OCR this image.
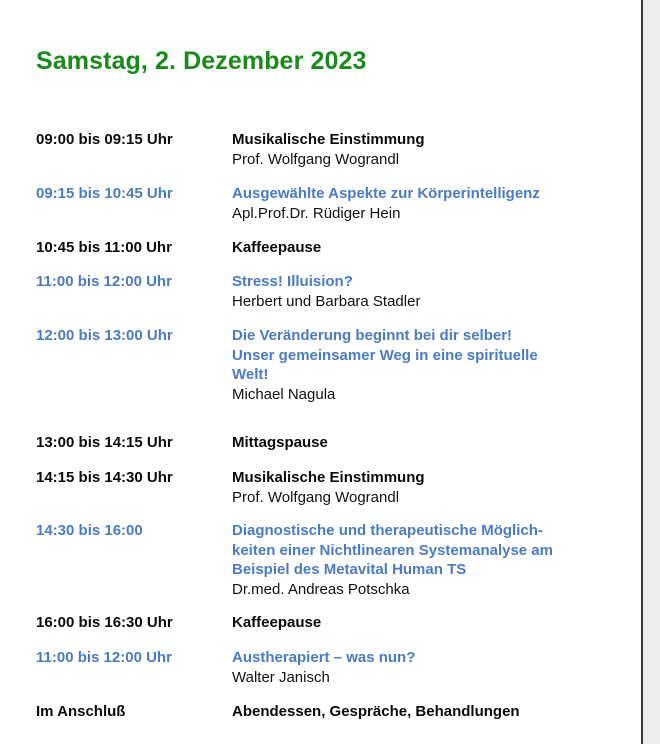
Samstag, 2. Dezember 2023
09:00 bis 09:15 Uhr	Musikalische Einstimmung
Prof. Wolfgang Wograndl
09:15 bis 10:45 Uhr	Ausgewählte Aspekte zur Körperintelligenz
Apl.Prof.Dr. Rüdiger Hein
10:45 bis 11:00 Uhr	Kaffeepause
11:00 bis 12:00 Uhr	Stress! Illuision?
Herbert und Barbara Stadler
12:00 bis 13:00 Uhr	Die Veränderung beginnt bei dir selber!
Unser gemeinsamer Weg in eine spirituelle
Welt!
Michael Nagula
13:00 bis 14:15 Uhr	Mittagspause
14:15 bis 14:30 Uhr	Musikalische Einstimmung
Prof. Wolfgang Wograndl
14:30 bis 16:00	Diagnostische und therapeutische Möglich-
keiten einer Nichtlinearen Systemanalyse am
Beispiel des Metavital Human TS
Dr.med. Andreas Potschka
16:00 bis 16:30 Uhr	Kaffeepause
11:00 bis 12:00 Uhr	Austherapiert – was nun?
Walter Janisch
Im Anschluß	Abendessen, Gespräche, Behandlungen
